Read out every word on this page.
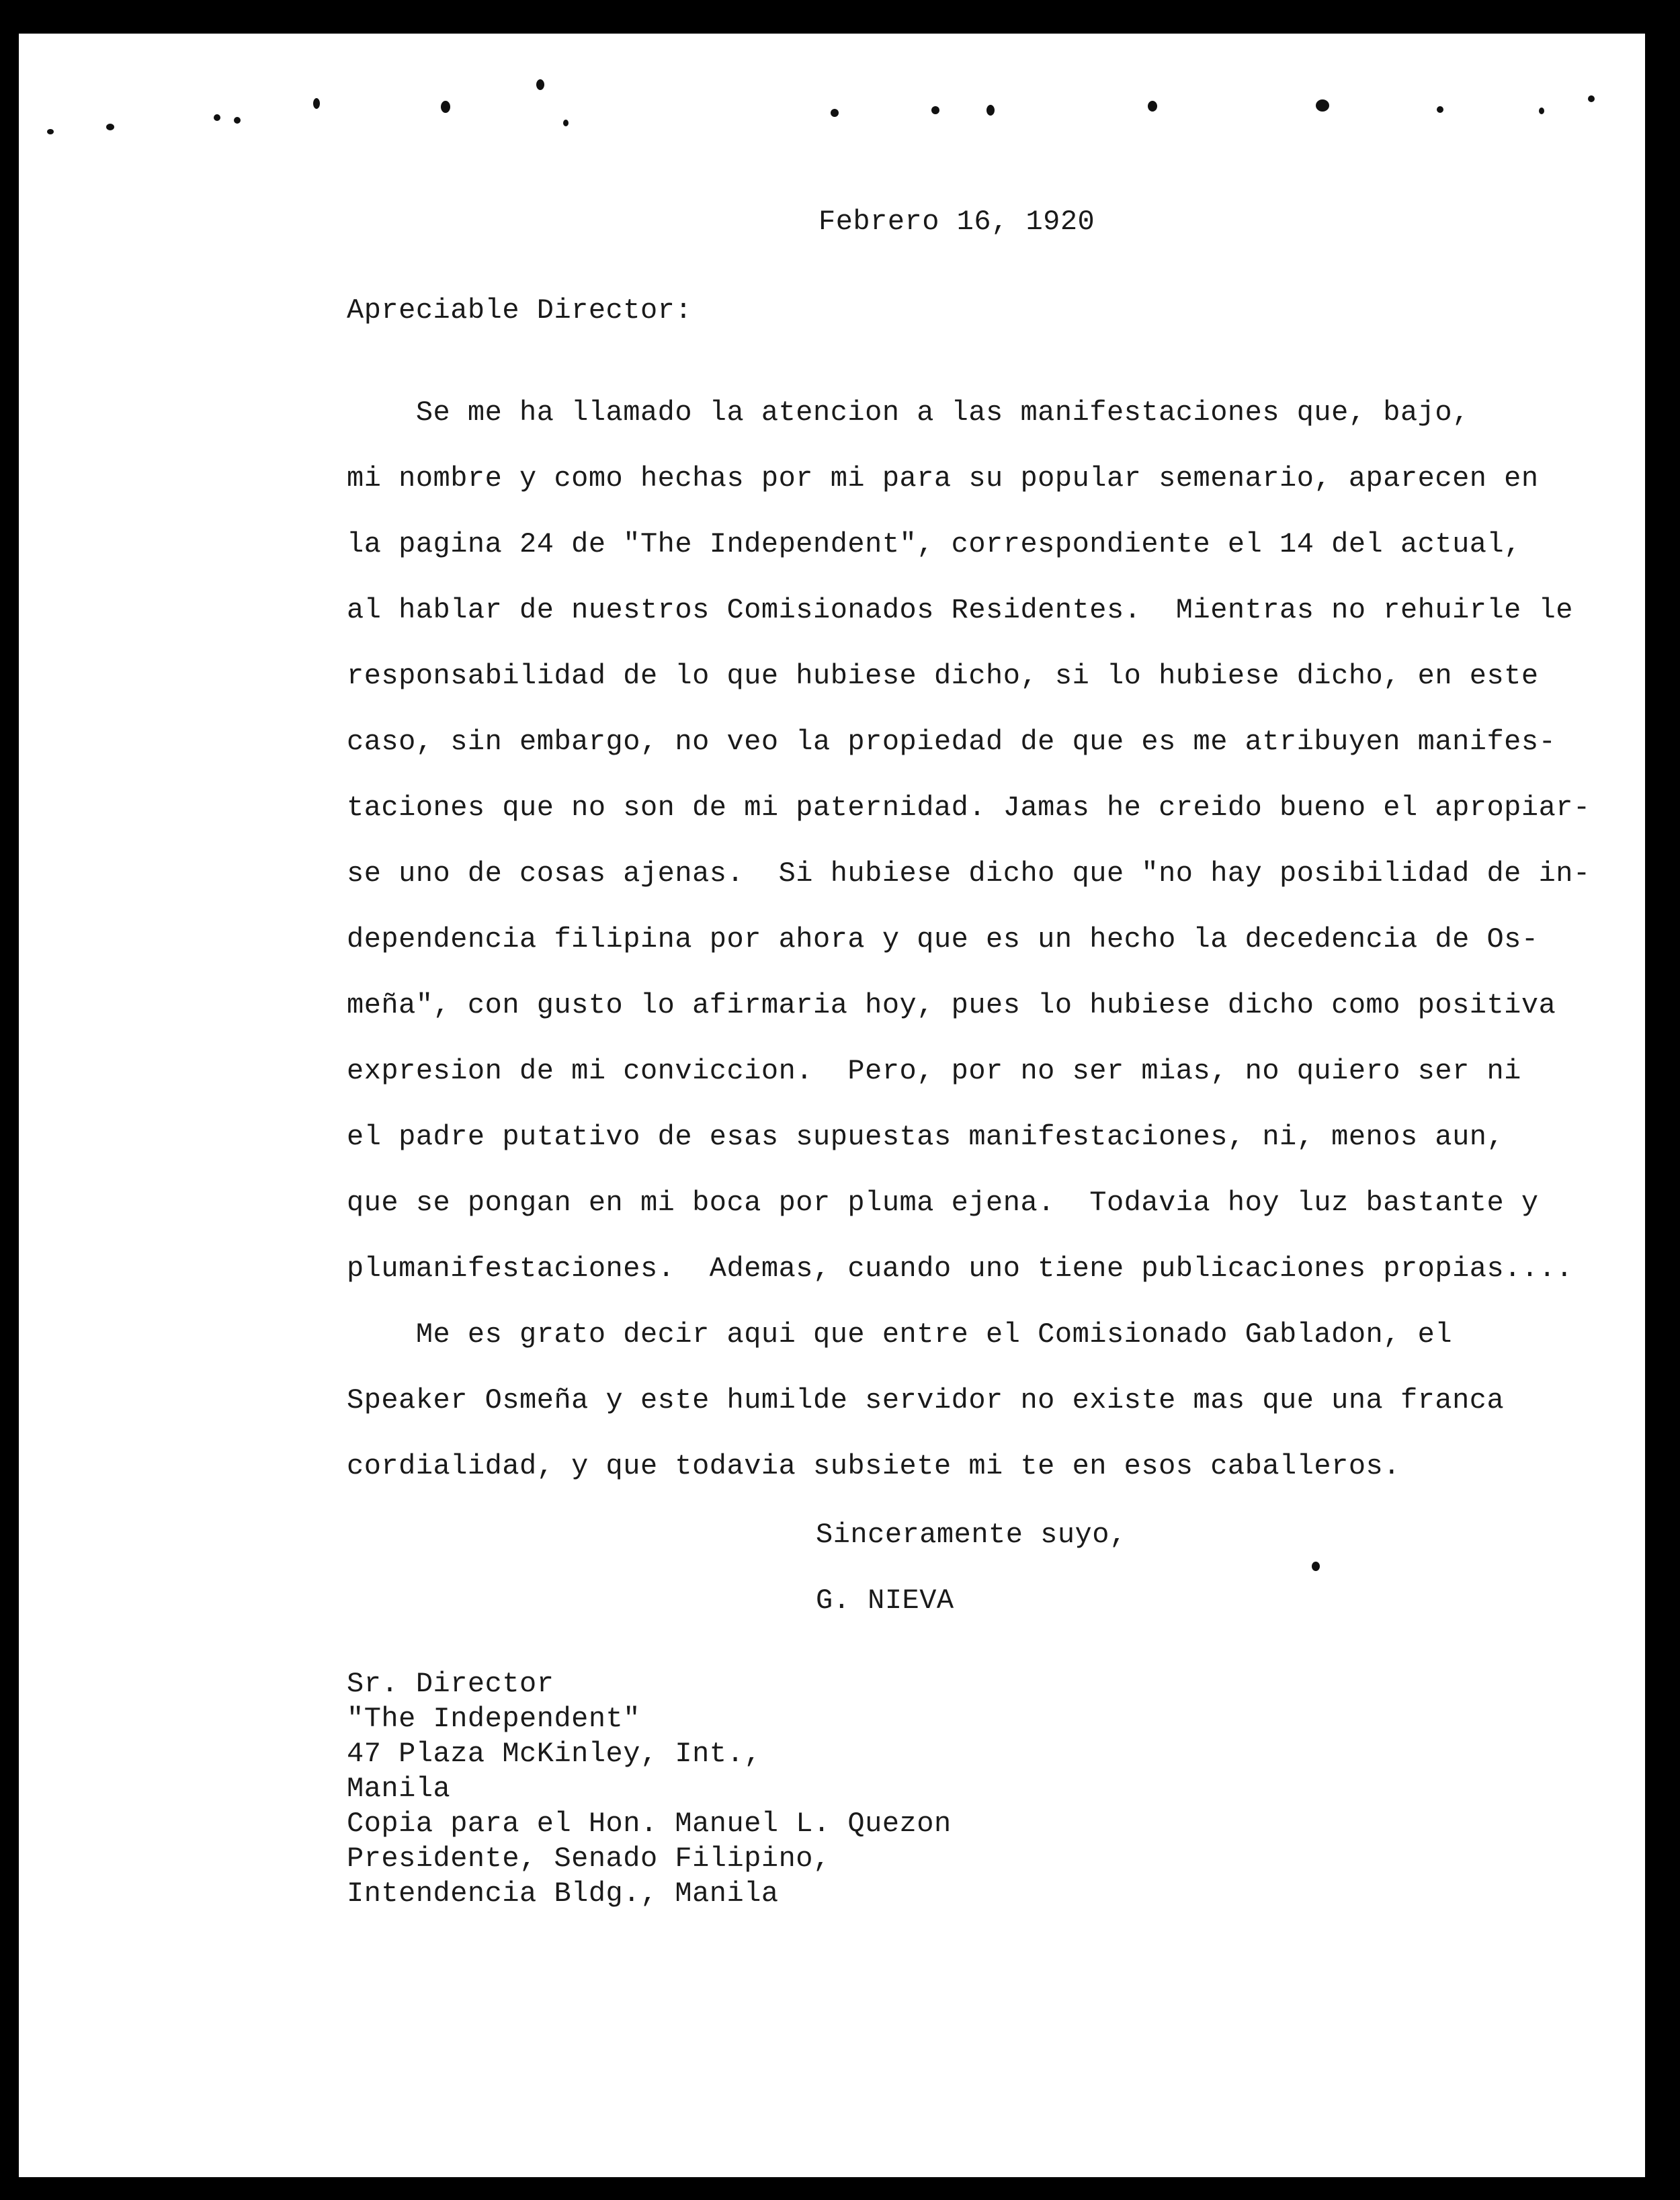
Febrero 16, 1920
Apreciable Director:
Se me ha llamado la atencion a las manifestaciones que, bajo,
mi nombre y como hechas por mi para su popular semenario, aparecen en
la pagina 24 de "The Independent", correspondiente el 14 del actual,
al hablar de nuestros Comisionados Residentes.  Mientras no rehuirle le
responsabilidad de lo que hubiese dicho, si lo hubiese dicho, en este
caso, sin embargo, no veo la propiedad de que es me atribuyen manifes-
taciones que no son de mi paternidad. Jamas he creido bueno el apropiar-
se uno de cosas ajenas.  Si hubiese dicho que "no hay posibilidad de in-
dependencia filipina por ahora y que es un hecho la decedencia de Os-
meña", con gusto lo afirmaria hoy, pues lo hubiese dicho como positiva
expresion de mi conviccion.  Pero, por no ser mias, no quiero ser ni
el padre putativo de esas supuestas manifestaciones, ni, menos aun,
que se pongan en mi boca por pluma ejena.  Todavia hoy luz bastante y
plumanifestaciones.  Ademas, cuando uno tiene publicaciones propias....
Me es grato decir aqui que entre el Comisionado Gabladon, el
Speaker Osmeña y este humilde servidor no existe mas que una franca
cordialidad, y que todavia subsiete mi te en esos caballeros.
Sinceramente suyo,
G. NIEVA
Sr. Director
"The Independent"
47 Plaza McKinley, Int.,
Manila
Copia para el Hon. Manuel L. Quezon
Presidente, Senado Filipino,
Intendencia Bldg., Manila
